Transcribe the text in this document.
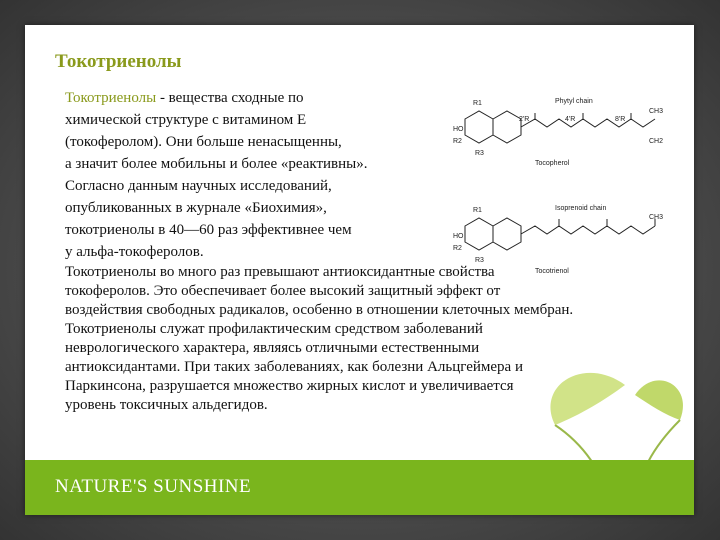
Токотриенолы
Токотриенолы - вещества сходные по
химической структуре с витамином Е
(токоферолом). Они больше ненасыщенны,
а значит более мобильны и более «реактивны».
Согласно данным научных исследований,
опубликованных в журнале «Биохимия»,
токотриенолы в 40—60 раз эффективнее чем
у альфа-токоферолов.
Токотриенолы во много раз превышают антиоксидантные свойства
токоферолов. Это обеспечивает более высокий защитный эффект от
воздействия свободных радикалов, особенно в отношении клеточных мембран.
Токотриенолы служат профилактическим средством заболеваний
неврологического характера, являясь отличными естественными
антиоксидантами. При таких заболеваниях, как болезни Альцгеймера и
Паркинсона, разрушается множество жирных кислот и увеличивается
уровень токсичных альдегидов.
R1
HO
R2
R3
Phytyl chain
2'R	4'R	8'R
CH3
CH2
Tocopherol
R1
HO
R2
R3
Isoprenoid chain
CH3
Tocotrienol
NATURE'S SUNSHINE
